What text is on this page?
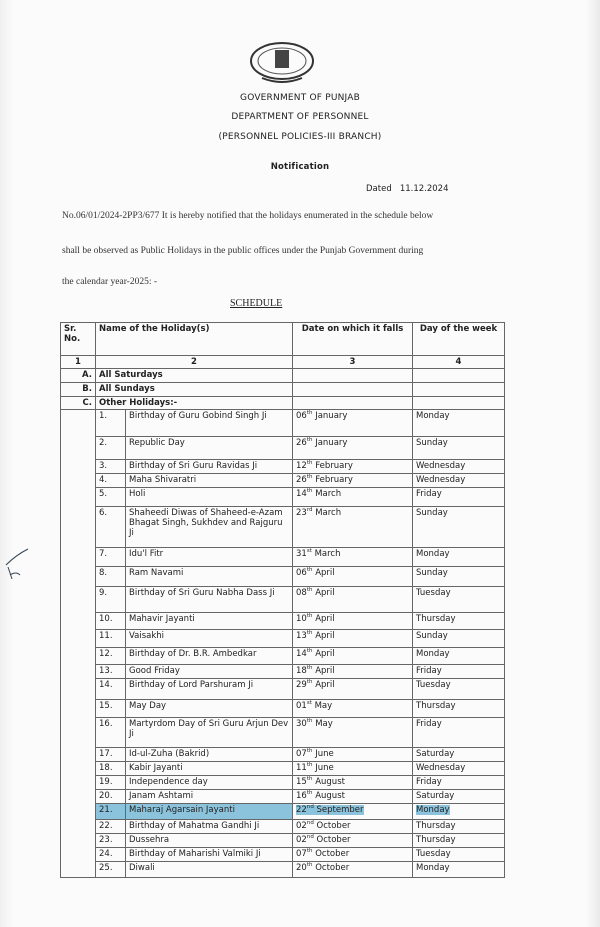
GOVERNMENT OF PUNJAB
DEPARTMENT OF PERSONNEL
(PERSONNEL POLICIES-III BRANCH)
Notification
Dated   11.12.2024
No.06/01/2024-2PP3/677 It is hereby notified that the holidays enumerated in the schedule below
shall be observed as Public Holidays in the public offices under the Punjab Government during
the calendar year-2025: -
SCHEDULE
Sr. No.	Name of the Holiday(s)		Date on which it falls	Day of the week
1	2		3	4
A.	All Saturdays			
B.	All Sundays			
C.	Other Holidays:-			
	1.	Birthday of Guru Gobind Singh Ji	06th January	Monday
	2.	Republic Day	26th January	Sunday
	3.	Birthday of Sri Guru Ravidas Ji	12th February	Wednesday
	4.	Maha Shivaratri	26th February	Wednesday
	5.	Holi	14th March	Friday
	6.	Shaheedi Diwas of Shaheed-e-Azam Bhagat Singh, Sukhdev and Rajguru Ji	23rd March	Sunday
	7.	Idu'l Fitr	31st March	Monday
	8.	Ram Navami	06th April	Sunday
	9.	Birthday of Sri Guru Nabha Dass Ji	08th April	Tuesday
	10.	Mahavir Jayanti	10th April	Thursday
	11.	Vaisakhi	13th April	Sunday
	12.	Birthday of Dr. B.R. Ambedkar	14th April	Monday
	13.	Good Friday	18th April	Friday
	14.	Birthday of Lord Parshuram Ji	29th April	Tuesday
	15.	May Day	01st May	Thursday
	16.	Martyrdom Day of Sri Guru Arjun Dev Ji	30th May	Friday
	17.	Id-ul-Zuha (Bakrid)	07th June	Saturday
	18.	Kabir Jayanti	11th June	Wednesday
	19.	Independence day	15th August	Friday
	20.	Janam Ashtami	16th August	Saturday
	21.	Maharaj Agarsain Jayanti	22nd September	Monday
	22.	Birthday of Mahatma Gandhi Ji	02nd October	Thursday
	23.	Dussehra	02nd October	Thursday
	24.	Birthday of Maharishi Valmiki Ji	07th October	Tuesday
	25.	Diwali	20th October	Monday
